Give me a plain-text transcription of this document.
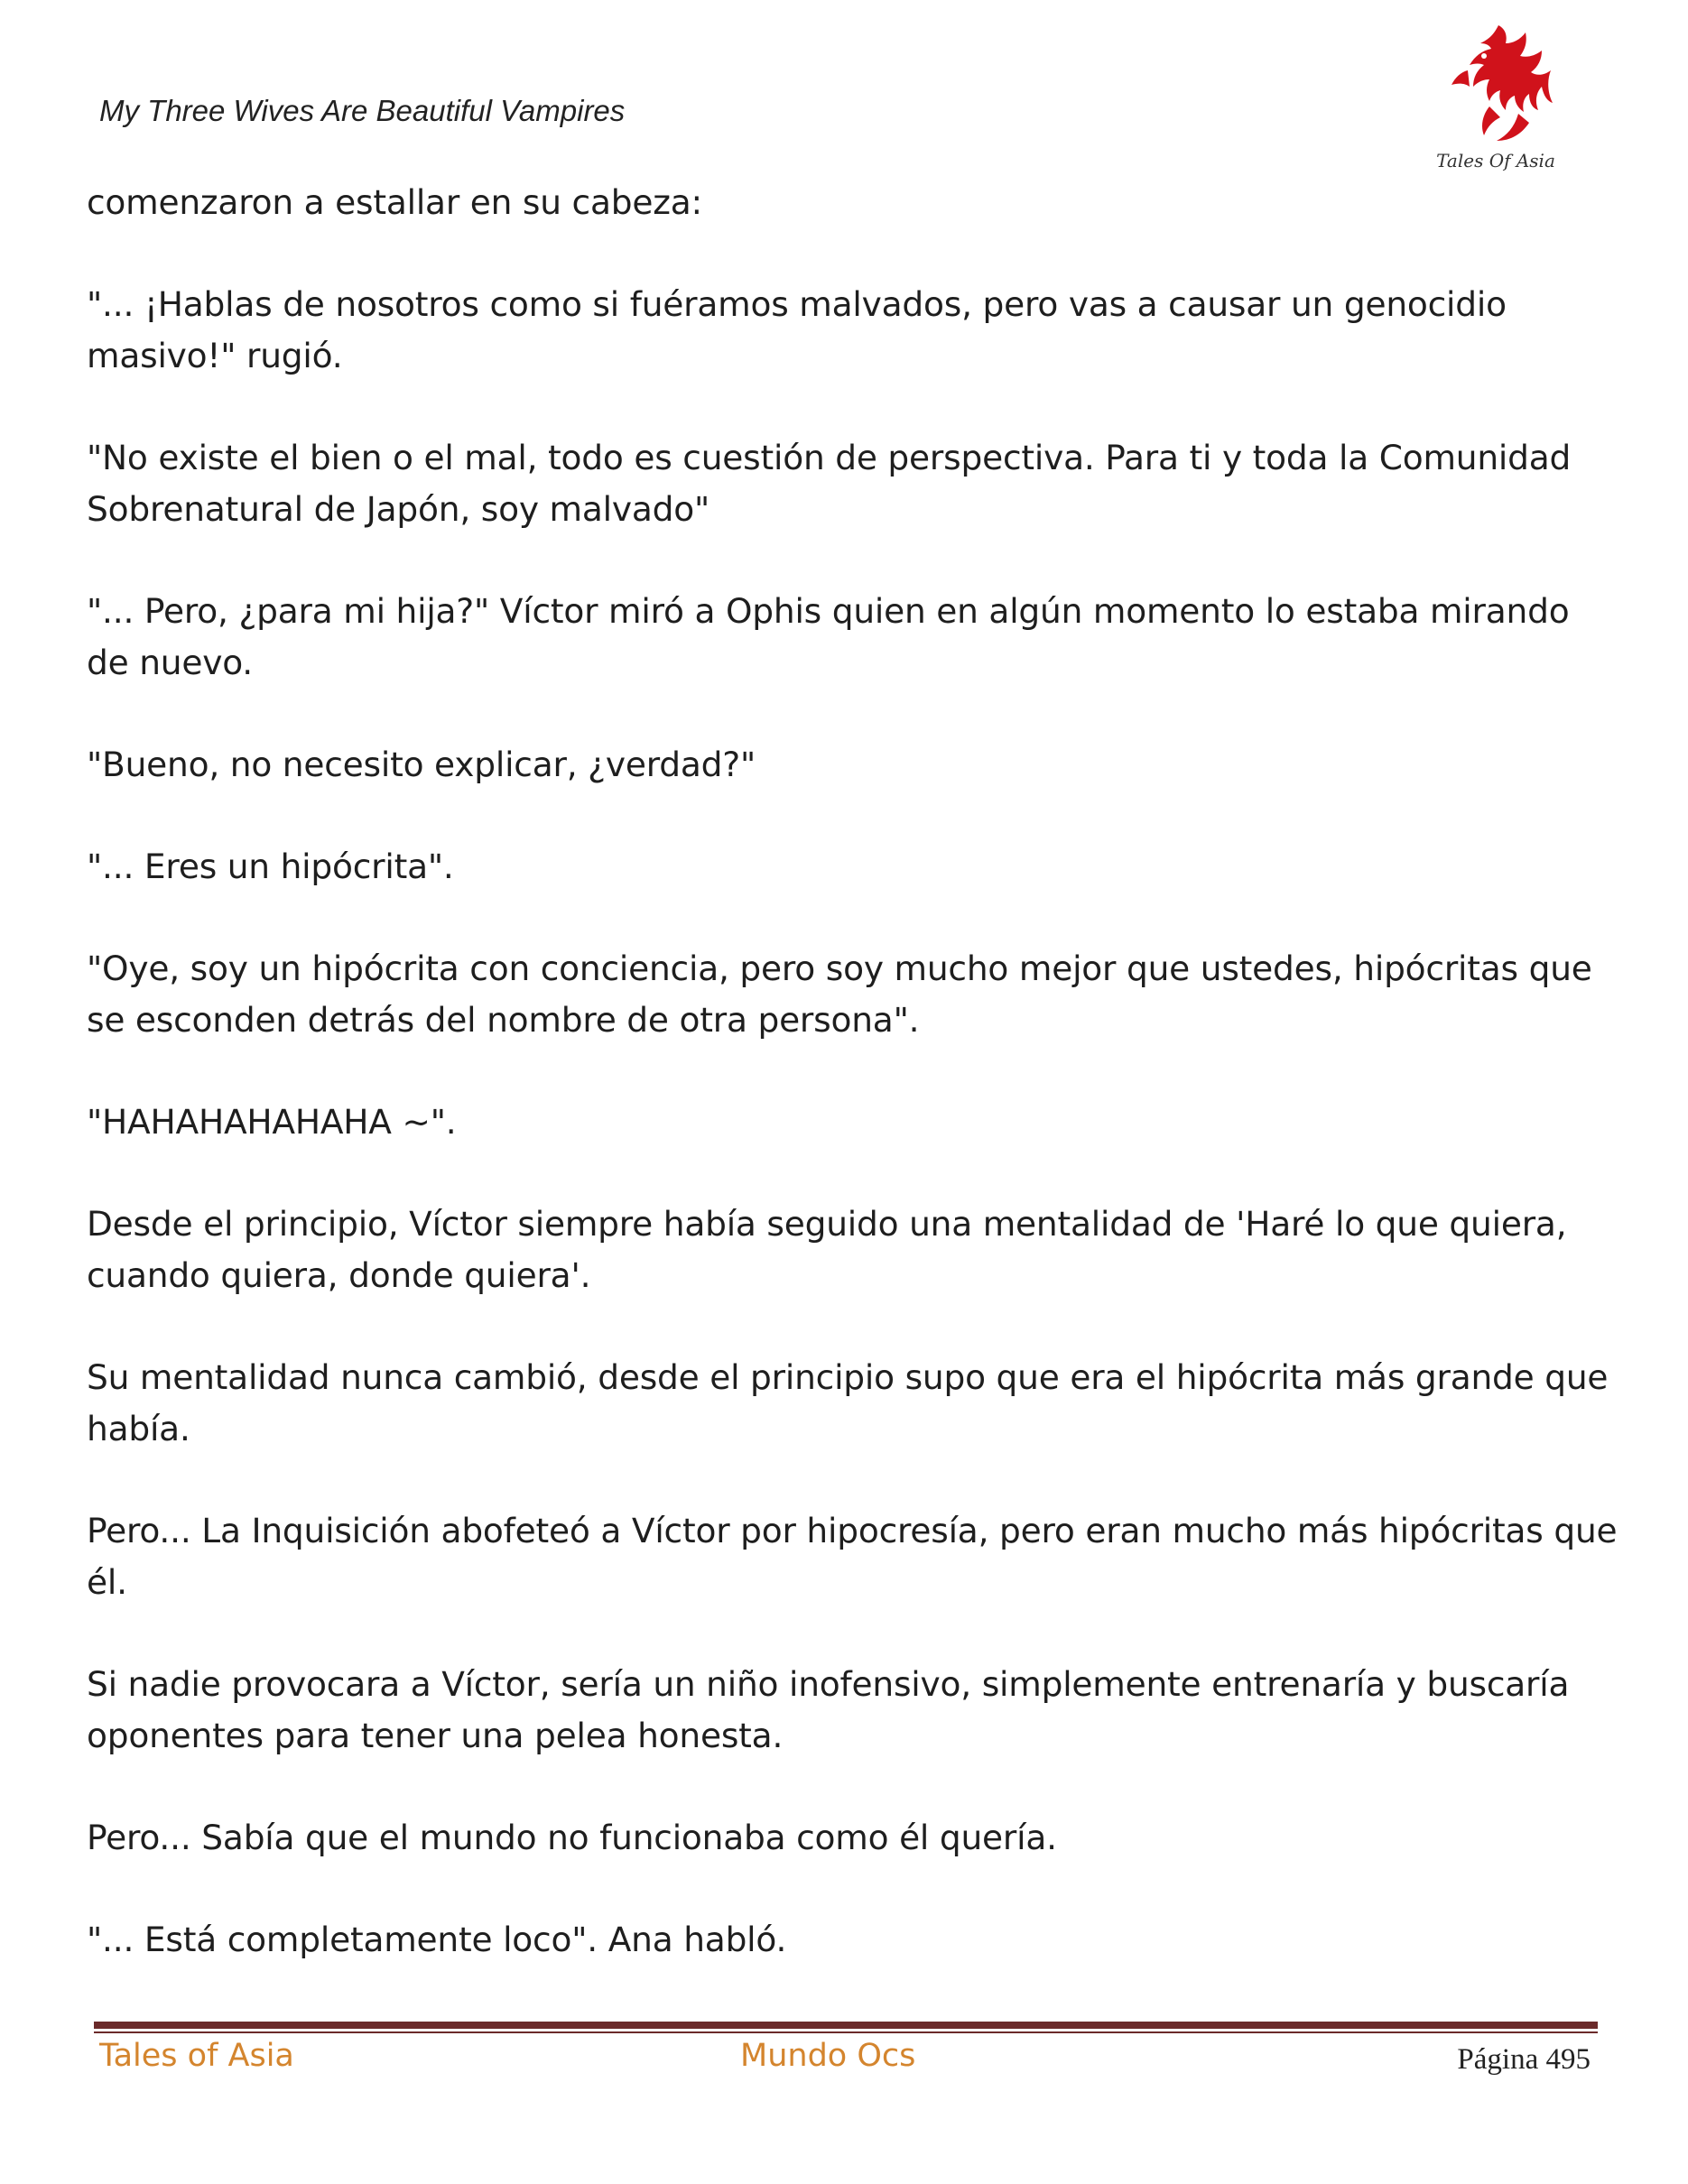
My Three Wives Are Beautiful Vampires
Tales Of Asia

comenzaron a estallar en su cabeza:

"... ¡Hablas de nosotros como si fuéramos malvados, pero vas a causar un genocidio masivo!" rugió.

"No existe el bien o el mal, todo es cuestión de perspectiva. Para ti y toda la Comunidad Sobrenatural de Japón, soy malvado"

"... Pero, ¿para mi hija?" Víctor miró a Ophis quien en algún momento lo estaba mirando de nuevo.

"Bueno, no necesito explicar, ¿verdad?"

"... Eres un hipócrita".

"Oye, soy un hipócrita con conciencia, pero soy mucho mejor que ustedes, hipócritas que se esconden detrás del nombre de otra persona".

"HAHAHAHAHAHA ~".

Desde el principio, Víctor siempre había seguido una mentalidad de 'Haré lo que quiera, cuando quiera, donde quiera'.

Su mentalidad nunca cambió, desde el principio supo que era el hipócrita más grande que había.

Pero... La Inquisición abofeteó a Víctor por hipocresía, pero eran mucho más hipócritas que él.

Si nadie provocara a Víctor, sería un niño inofensivo, simplemente entrenaría y buscaría oponentes para tener una pelea honesta.

Pero... Sabía que el mundo no funcionaba como él quería.

"... Está completamente loco". Ana habló.

Tales of Asia	Mundo Ocs	Página 495
